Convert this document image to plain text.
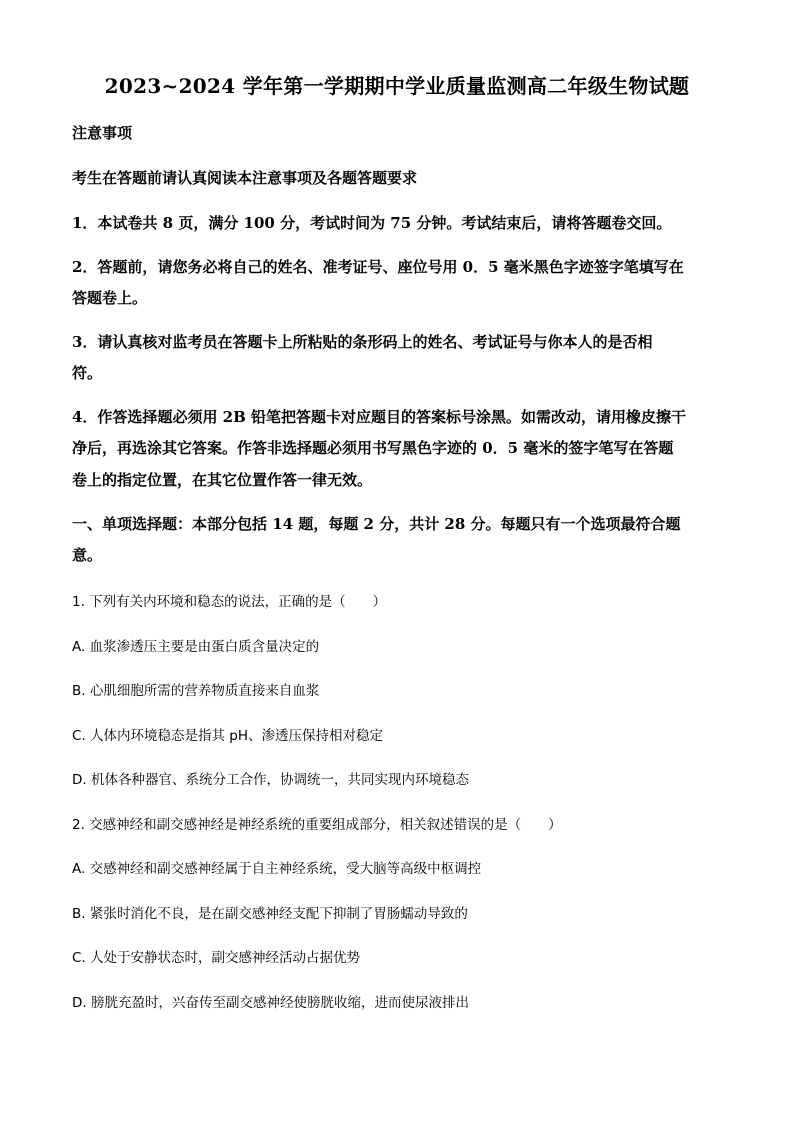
2023~2024 学年第一学期期中学业质量监测高二年级生物试题
注意事项
考生在答题前请认真阅读本注意事项及各题答题要求
1．本试卷共 8 页，满分 100 分，考试时间为 75 分钟。考试结束后，请将答题卷交回。
2．答题前，请您务必将自己的姓名、准考证号、座位号用 0．5 毫米黑色字迹签字笔填写在
答题卷上。
3．请认真核对监考员在答题卡上所粘贴的条形码上的姓名、考试证号与你本人的是否相
符。
4．作答选择题必须用 2B 铅笔把答题卡对应题目的答案标号涂黑。如需改动，请用橡皮擦干
净后，再选涂其它答案。作答非选择题必须用书写黑色字迹的 0．5 毫米的签字笔写在答题
卷上的指定位置，在其它位置作答一律无效。
一、单项选择题：本部分包括 14 题，每题 2 分，共计 28 分。每题只有一个选项最符合题
意。
1. 下列有关内环境和稳态的说法，正确的是（　　）
A. 血浆渗透压主要是由蛋白质含量决定的
B. 心肌细胞所需的营养物质直接来自血浆
C. 人体内环境稳态是指其 pH、渗透压保持相对稳定
D. 机体各种器官、系统分工合作，协调统一，共同实现内环境稳态
2. 交感神经和副交感神经是神经系统的重要组成部分，相关叙述错误的是（　　）
A. 交感神经和副交感神经属于自主神经系统，受大脑等高级中枢调控
B. 紧张时消化不良，是在副交感神经支配下抑制了胃肠蠕动导致的
C. 人处于安静状态时，副交感神经活动占据优势
D. 膀胱充盈时，兴奋传至副交感神经使膀胱收缩，进而使尿液排出
